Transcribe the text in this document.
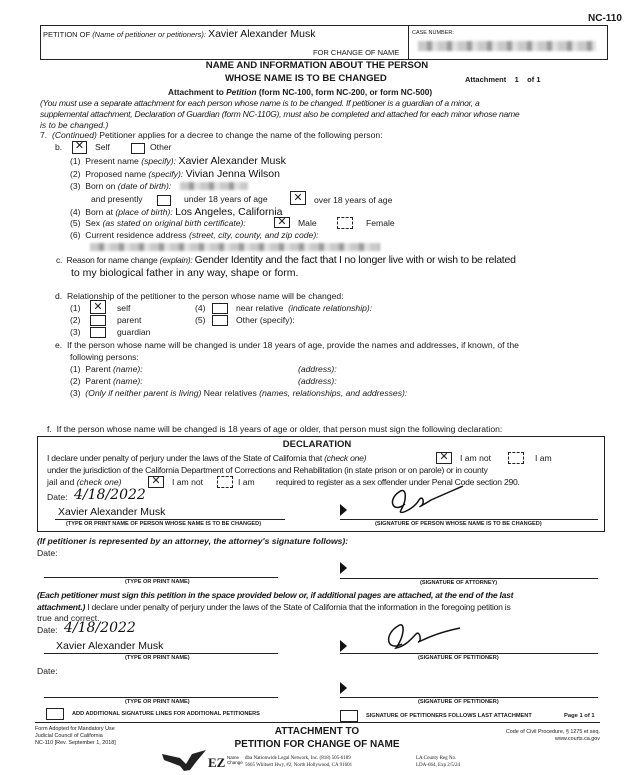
NC-110
PETITION OF (Name of petitioner or petitioners): Xavier Alexander Musk
FOR CHANGE OF NAME
CASE NUMBER:
NAME AND INFORMATION ABOUT THE PERSON
WHOSE NAME IS TO BE CHANGED	Attachment 1 of 1
Attachment to Petition (form NC-100, form NC-200, or form NC-500)
(You must use a separate attachment for each person whose name is to be changed. If petitioner is a guardian of a minor, a
supplemental attachment, Declaration of Guardian (form NC-110G), must also be completed and attached for each minor whose name
is to be changed.)
7. (Continued) Petitioner applies for a decree to change the name of the following person:
b. ✕	Self	Other
(1) Present name (specify): Xavier Alexander Musk
(2) Proposed name (specify): Vivian Jenna Wilson
(3) Born on (date of birth):
and presently	under 18 years of age	✕	over 18 years of age
(4) Born at (place of birth): Los Angeles, California
(5) Sex (as stated on original birth certificate):	✕	Male	Female
(6) Current residence address (street, city, county, and zip code):
c. Reason for name change (explain): Gender Identity and the fact that I no longer live with or wish to be related
to my biological father in any way, shape or form.
d. Relationship of the petitioner to the person whose name will be changed:
(1)	✕	self
(2)	parent
(3)	guardian
(4)	near relative (indicate relationship):
(5)	Other (specify):
e. If the person whose name will be changed is under 18 years of age, provide the names and addresses, if known, of the
following persons:
(1) Parent (name):	(address):
(2) Parent (name):	(address):
(3) (Only if neither parent is living) Near relatives (names, relationships, and addresses):
f. If the person whose name will be changed is 18 years of age or older, that person must sign the following declaration:
DECLARATION
I declare under penalty of perjury under the laws of the State of California that (check one)	✕	I am not	I am
under the jurisdiction of the California Department of Corrections and Rehabilitation (in state prison or on parole) or in county
jail and (check one)	✕	I am not	I am required to register as a sex offender under Penal Code section 290.
Date: 4/18/2022
Xavier Alexander Musk
(TYPE OR PRINT NAME OF PERSON WHOSE NAME IS TO BE CHANGED)	(SIGNATURE OF PERSON WHOSE NAME IS TO BE CHANGED)
(If petitioner is represented by an attorney, the attorney's signature follows):
Date:
(TYPE OR PRINT NAME)	(SIGNATURE OF ATTORNEY)
(Each petitioner must sign this petition in the space provided below or, if additional pages are attached, at the end of the last
attachment.) I declare under penalty of perjury under the laws of the State of California that the information in the foregoing petition is
true and correct.
Date: 4/18/2022
Xavier Alexander Musk
(TYPE OR PRINT NAME)	(SIGNATURE OF PETITIONER)
Date:
(TYPE OR PRINT NAME)	(SIGNATURE OF PETITIONER)
ADD ADDITIONAL SIGNATURE LINES FOR ADDITIONAL PETITIONERS	SIGNATURE OF PETITIONERS FOLLOWS LAST ATTACHMENT	Page 1 of 1
Form Adopted for Mandatory Use
Judicial Council of California
NC-110 [Rev. September 1, 2018]
ATTACHMENT TO
PETITION FOR CHANGE OF NAME
Code of Civil Procedure, § 1275 et seq.
www.courts.ca.gov
EZ Name Change
dba Nationwide Legal Network, Inc. (818) 505-6189
5665 Whitsett Hwy, #2, North Hollywood, CA 91601
LA County Reg No.
LDA-664, Exp 2/5/24
